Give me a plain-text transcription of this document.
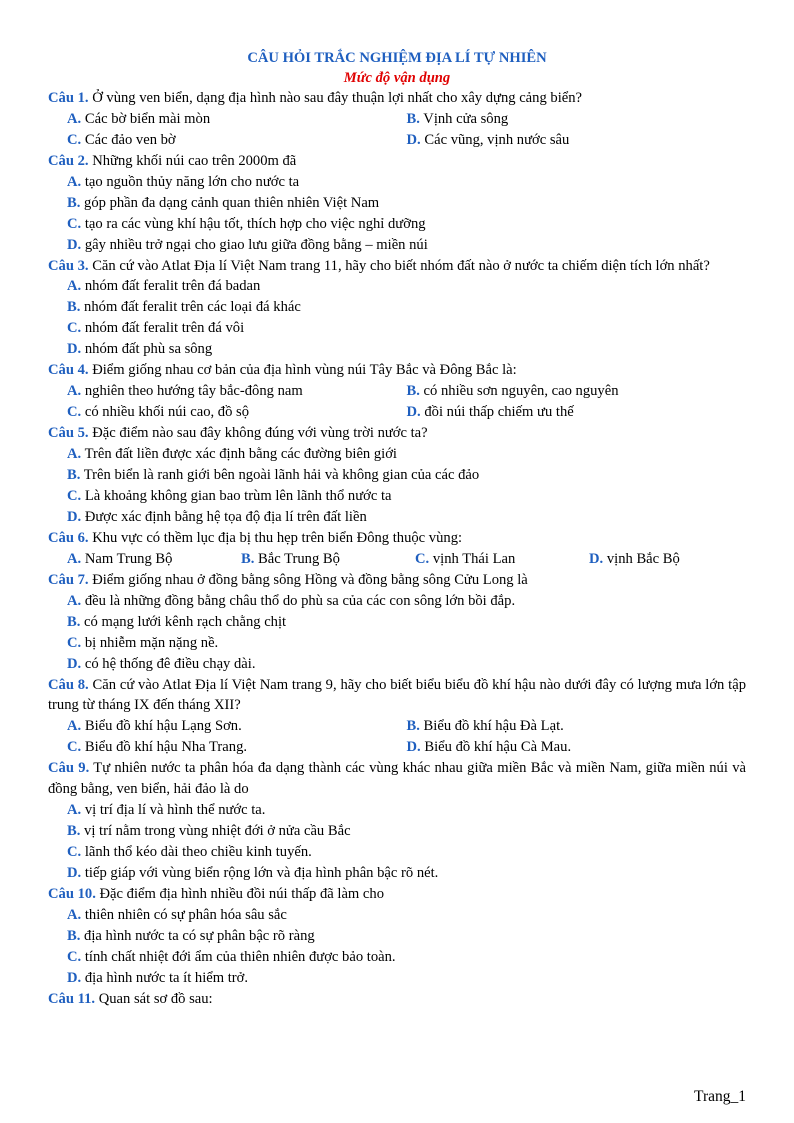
CÂU HỎI TRẮC NGHIỆM ĐỊA LÍ TỰ NHIÊN
Mức độ vận dụng
Câu 1. Ở vùng ven biển, dạng địa hình nào sau đây thuận lợi nhất cho xây dựng cảng biển?
A. Các bờ biển mài mòn	B. Vịnh cửa sông
C. Các đảo ven bờ	D. Các vũng, vịnh nước sâu
Câu 2. Những khối núi cao trên 2000m đã
A. tạo nguồn thủy năng lớn cho nước ta
B. góp phần đa dạng cảnh quan thiên nhiên Việt Nam
C. tạo ra các vùng khí hậu tốt, thích hợp cho việc nghỉ dưỡng
D. gây nhiều trở ngại cho giao lưu giữa đồng bằng – miền núi
Câu 3. Căn cứ vào Atlat Địa lí Việt Nam trang 11, hãy cho biết nhóm đất nào ở nước ta chiếm diện tích lớn nhất?
A. nhóm đất feralit trên đá badan
B. nhóm đất feralit trên các loại đá khác
C. nhóm đất feralit trên đá vôi
D. nhóm đất phù sa sông
Câu 4. Điểm giống nhau cơ bản của địa hình vùng núi Tây Bắc và Đông Bắc là:
A. nghiên theo hướng tây bắc-đông nam	B. có nhiều sơn nguyên, cao nguyên
C. có nhiều khối núi cao, đồ sộ	D. đồi núi thấp chiếm ưu thế
Câu 5. Đặc điểm nào sau đây không đúng với vùng trời nước ta?
A. Trên đất liền được xác định bằng các đường biên giới
B. Trên biển là ranh giới bên ngoài lãnh hải và không gian của các đảo
C. Là khoảng không gian bao trùm lên lãnh thổ nước ta
D. Được xác định bằng hệ tọa độ địa lí trên đất liền
Câu 6. Khu vực có thềm lục địa bị thu hẹp trên biển Đông thuộc vùng:
A. Nam Trung Bộ	B. Bắc Trung Bộ	C. vịnh Thái Lan	D. vịnh Bắc Bộ
Câu 7. Điểm giống nhau ở đồng bằng sông Hồng và đồng bằng sông Cửu Long là
A. đều là những đồng bằng châu thổ do phù sa của các con sông lớn bồi đắp.
B. có mạng lưới kênh rạch chằng chịt
C. bị nhiễm mặn nặng nề.
D. có hệ thống đê điều chạy dài.
Câu 8. Căn cứ vào Atlat Địa lí Việt Nam trang 9, hãy cho biết biểu biểu đồ khí hậu nào dưới đây có lượng mưa lớn tập trung từ tháng IX đến tháng XII?
A. Biểu đồ khí hậu Lạng Sơn.	B. Biểu đồ khí hậu Đà Lạt.
C. Biểu đồ khí hậu Nha Trang.	D. Biểu đồ khí hậu Cà Mau.
Câu 9. Tự nhiên nước ta phân hóa đa dạng thành các vùng khác nhau giữa miền Bắc và miền Nam, giữa miền núi và đồng bằng, ven biển, hải đảo là do
A. vị trí địa lí và hình thể nước ta.
B. vị trí nằm trong vùng nhiệt đới ở nửa cầu Bắc
C. lãnh thổ kéo dài theo chiều kinh tuyến.
D. tiếp giáp với vùng biển rộng lớn và địa hình phân bậc rõ nét.
Câu 10. Đặc điểm địa hình nhiều đồi núi thấp đã làm cho
A. thiên nhiên có sự phân hóa sâu sắc
B. địa hình nước ta có sự phân bậc rõ ràng
C. tính chất nhiệt đới ẩm của thiên nhiên được bảo toàn.
D. địa hình nước ta ít hiểm trở.
Câu 11. Quan sát sơ đồ sau:
Trang_1
